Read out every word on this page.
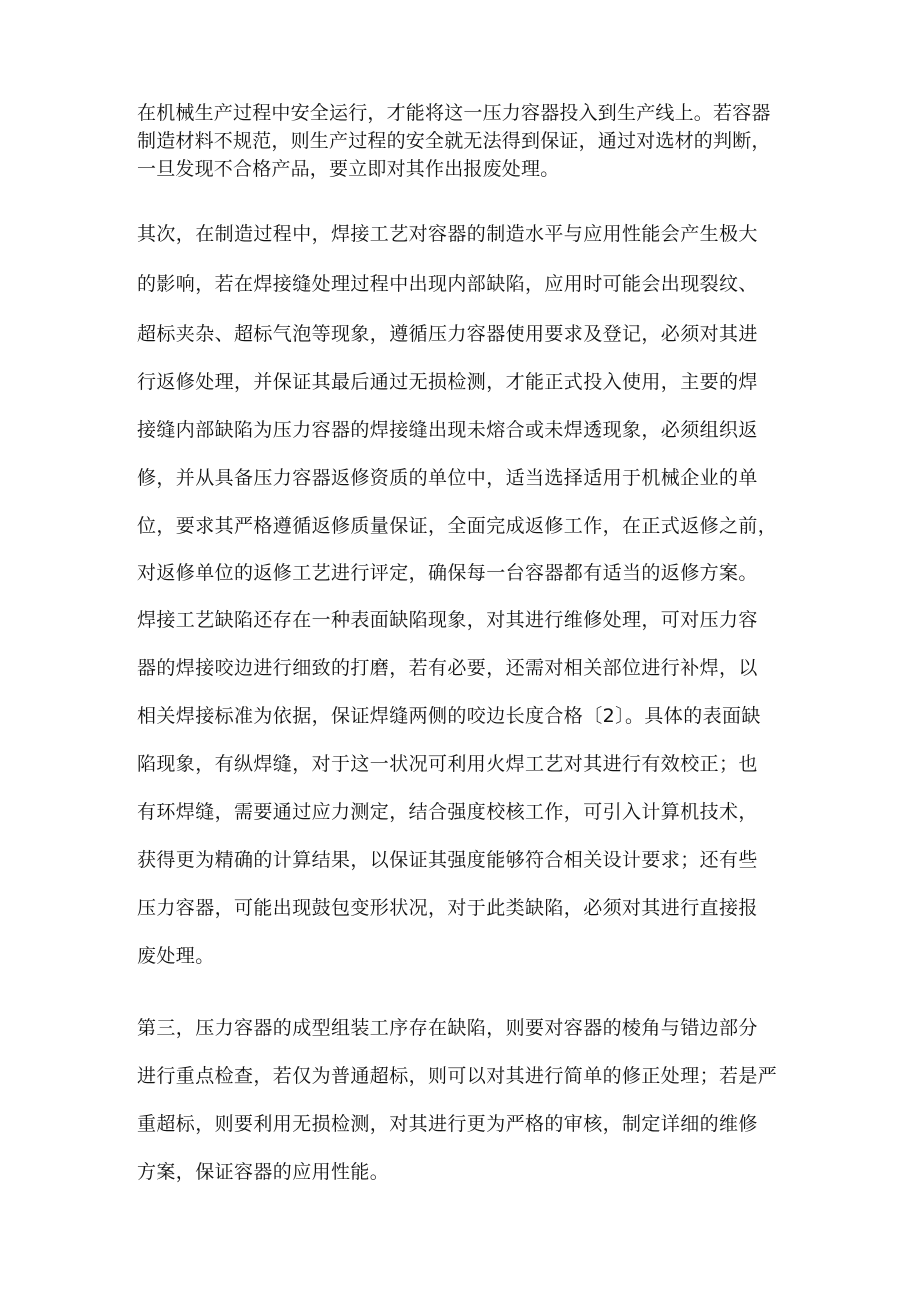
在机械生产过程中安全运行，才能将这一压力容器投入到生产线上。若容器
制造材料不规范，则生产过程的安全就无法得到保证，通过对选材的判断，
一旦发现不合格产品，要立即对其作出报废处理。
其次，在制造过程中，焊接工艺对容器的制造水平与应用性能会产生极大
的影响，若在焊接缝处理过程中出现内部缺陷，应用时可能会出现裂纹、
超标夹杂、超标气泡等现象，遵循压力容器使用要求及登记，必须对其进
行返修处理，并保证其最后通过无损检测，才能正式投入使用，主要的焊
接缝内部缺陷为压力容器的焊接缝出现未熔合或未焊透现象，必须组织返
修，并从具备压力容器返修资质的单位中，适当选择适用于机械企业的单
位，要求其严格遵循返修质量保证，全面完成返修工作，在正式返修之前，
对返修单位的返修工艺进行评定，确保每一台容器都有适当的返修方案。
焊接工艺缺陷还存在一种表面缺陷现象，对其进行维修处理，可对压力容
器的焊接咬边进行细致的打磨，若有必要，还需对相关部位进行补焊，以
相关焊接标准为依据，保证焊缝两侧的咬边长度合格〔2〕。具体的表面缺
陷现象，有纵焊缝，对于这一状况可利用火焊工艺对其进行有效校正；也
有环焊缝，需要通过应力测定，结合强度校核工作，可引入计算机技术，
获得更为精确的计算结果，以保证其强度能够符合相关设计要求；还有些
压力容器，可能出现鼓包变形状况，对于此类缺陷，必须对其进行直接报
废处理。
第三，压力容器的成型组装工序存在缺陷，则要对容器的棱角与错边部分
进行重点检查，若仅为普通超标，则可以对其进行简单的修正处理；若是严
重超标，则要利用无损检测，对其进行更为严格的审核，制定详细的维修
方案，保证容器的应用性能。
